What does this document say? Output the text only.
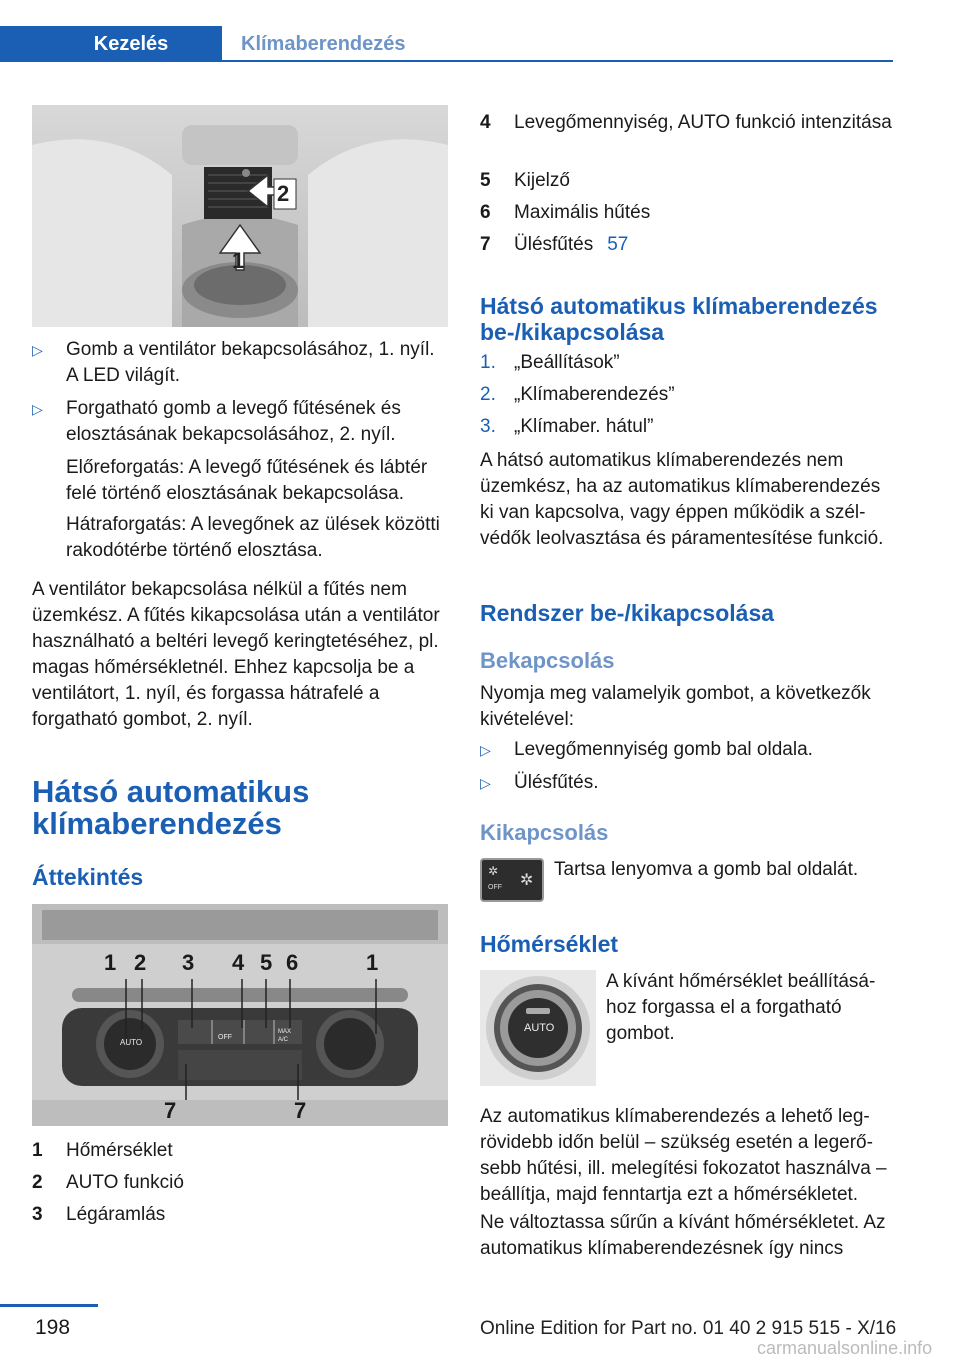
Kezelés	Klímaberendezés
1
2
▷	Gomb a ventilátor bekapcsolásához, 1. nyíl. A LED világít.
▷	Forgatható gomb a levegő fűtésének és elosztásának bekapcsolásához, 2. nyíl.
Előreforgatás: A levegő fűtésének és lábtér felé történő elosztásának bekapcsolása.
Hátraforgatás: A levegőnek az ülések közötti rakodótérbe történő elosztása.
A ventilátor bekapcsolása nélkül a fűtés nem üzemkész. A fűtés kikapcsolása után a ventilátor használható a beltéri levegő keringtetéséhez, pl. magas hőmérsékletnél. Ehhez kapcsolja be a ventilátort, 1. nyíl, és forgassa hátrafelé a forgatható gombot, 2. nyíl.
Hátsó automatikus klímaberendezés
Áttekintés
1 2 3 4 5 6	1
7	7
AUTO
OFF
MAX A/C
1	Hőmérséklet
2	AUTO funkció
3	Légáramlás
4	Levegőmennyiség, AUTO funkció intenzitása
5	Kijelző
6	Maximális hűtés
7	Ülésfűtés 57
Hátsó automatikus klímaberendezés be-/kikapcsolása
1. „Beállítások”
2. „Klímaberendezés”
3. „Klímaber. hátul”
A hátsó automatikus klímaberendezés nem üzemkész, ha az automatikus klímaberendezés ki van kapcsolva, vagy éppen működik a szélvédők leolvasztása és páramentesítése funkció.
Rendszer be-/kikapcsolása
Bekapcsolás
Nyomja meg valamelyik gombot, a következők kivételével:
▷	Levegőmennyiség gomb bal oldala.
▷	Ülésfűtés.
Kikapcsolás
✲
OFF ✲
Tartsa lenyomva a gomb bal oldalát.
Hőmérséklet
AUTO
A kívánt hőmérséklet beállításához forgassa el a forgatható gombot.
Az automatikus klímaberendezés a lehető legrövidebb időn belül – szükség esetén a legerősebb hűtési, ill. melegítési fokozatot használva – beállítja, majd fenntartja ezt a hőmérsékletet.
Ne változtassa sűrűn a kívánt hőmérsékletet. Az automatikus klímaberendezésnek így nincs
198	Online Edition for Part no. 01 40 2 915 515 - X/16
carmanualsonline.info
